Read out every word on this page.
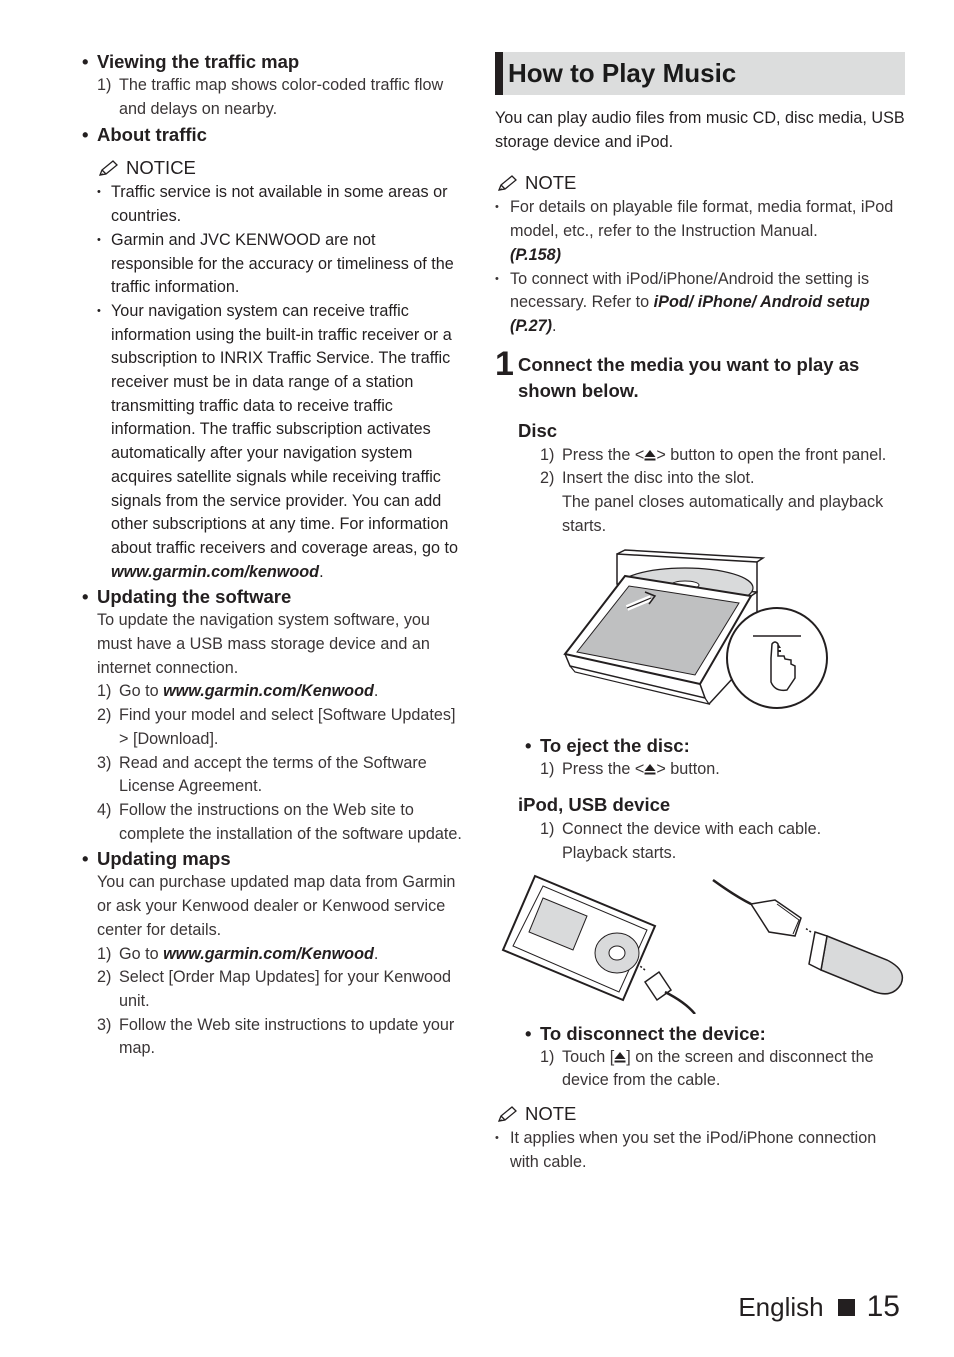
• Viewing the traffic map
1) The traffic map shows color-coded traffic flow and delays on nearby.
• About traffic
NOTICE
• Traffic service is not available in some areas or countries.
• Garmin and JVC KENWOOD are not responsible for the accuracy or timeliness of the traffic information.
• Your navigation system can receive traffic information using the built-in traffic receiver or a subscription to INRIX Traffic Service. The traffic receiver must be in data range of a station transmitting traffic data to receive traffic information. The traffic subscription activates automatically after your navigation system acquires satellite signals while receiving traffic signals from the service provider. You can add other subscriptions at any time. For information about traffic receivers and coverage areas, go to www.garmin.com/kenwood.
• Updating the software
To update the navigation system software, you must have a USB mass storage device and an internet connection.
1) Go to www.garmin.com/Kenwood.
2) Find your model and select [Software Updates] > [Download].
3) Read and accept the terms of the Software License Agreement.
4) Follow the instructions on the Web site to complete the installation of the software update.
• Updating maps
You can purchase updated map data from Garmin or ask your Kenwood dealer or Kenwood service center for details.
1) Go to www.garmin.com/Kenwood.
2) Select [Order Map Updates] for your Kenwood unit.
3) Follow the Web site instructions to update your map.
How to Play Music
You can play audio files from music CD, disc media, USB storage device and iPod.
NOTE
• For details on playable file format, media format, iPod model, etc., refer to the Instruction Manual.
(P.158)
• To connect with iPod/iPhone/Android the setting is necessary. Refer to iPod/ iPhone/ Android setup (P.27).
1 Connect the media you want to play as shown below.
Disc
1) Press the < > button to open the front panel.
2) Insert the disc into the slot.
The panel closes automatically and playback starts.
• To eject the disc:
1) Press the < > button.
iPod, USB device
1) Connect the device with each cable.
Playback starts.
• To disconnect the device:
1) Touch [ ] on the screen and disconnect the device from the cable.
NOTE
• It applies when you set the iPod/iPhone connection with cable.
English 15
